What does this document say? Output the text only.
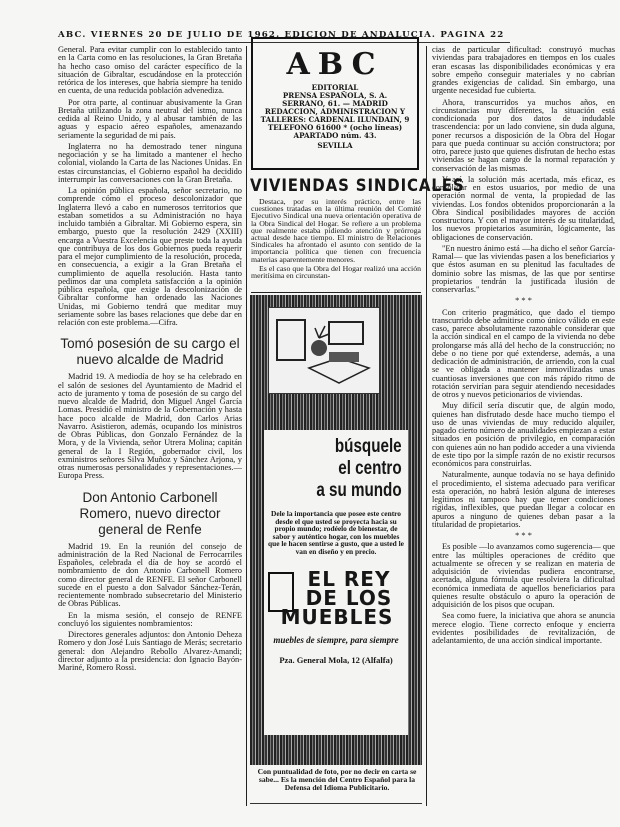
ABC. VIERNES 20 DE JULIO DE 1962. EDICION DE ANDALUCIA. PAGINA 22

General. Para evitar cumplir con lo establecido tanto en la Carta como en las resoluciones, la Gran Bretaña ha hecho caso omiso del carácter específico de la situación de Gibraltar, escudándose en la protección retórica de los intereses, que habría siempre ha tenido en cuenta, de una reducida población advenediza.

Por otra parte, al continuar abusivamente la Gran Bretaña utilizando la zona neutral del istmo, nunca cedida al Reino Unido, y al abusar también de las aguas y espacio aéreo españoles, amenazando seriamente la seguridad de mi país.

Inglaterra no ha demostrado tener ninguna negociación y se ha limitado a mantener el hecho colonial, violando la Carta de las Naciones Unidas. En estas circunstancias, el Gobierno español ha decidido interrumpir las conversaciones con la Gran Bretaña.

La opinión pública española, señor secretario, no comprende cómo el proceso descolonizador que Inglaterra llevó a cabo en numerosos territorios que estaban sometidos a su Administración no haya incluido también a Gibraltar. Mi Gobierno espera, sin embargo, puesto que la resolución 2429 (XXIII) encarga a Vuestra Excelencia que preste toda la ayuda que contribuya de los dos Gobiernos pueda requerir para el mejor cumplimiento de la resolución, proceda, en consecuencia, a exigir a la Gran Bretaña el cumplimiento de aquella resolución. Hasta tanto pedimos dar una completa satisfacción a la opinión pública española, que exige la descolonización de Gibraltar conforme han ordenado las Naciones Unidas, mi Gobierno tendrá que meditar muy seriamente sobre las bases relaciones que debe dar en relación con este problema.—Cifra.

Tomó posesión de su cargo el nuevo alcalde de Madrid

Madrid 19. A mediodía de hoy se ha celebrado en el salón de sesiones del Ayuntamiento de Madrid el acto de juramento y toma de posesión de su cargo del nuevo alcalde de Madrid, don Miguel Angel García Lomas. Presidió el ministro de la Gobernación y hasta hace poco alcalde de Madrid, don Carlos Arias Navarro. Asistieron, además, ocupando los ministros de Obras Públicas, don Gonzalo Fernández de la Mora, y de la Vivienda, señor Utrera Molina; capitán general de la I Región, gobernador civil, los exministros señores Silva Muñoz y Sánchez Arjona, y otras numerosas personalidades y representaciones.—Europa Press.

Don Antonio Carbonell Romero, nuevo director general de Renfe

Madrid 19. En la reunión del consejo de administración de la Red Nacional de Ferrocarriles Españoles, celebrada el día de hoy se acordó el nombramiento de don Antonio Carbonell Romero como director general de RENFE. El señor Carbonell sucede en el puesto a don Salvador Sánchez-Terán, recientemente nombrado subsecretario del Ministerio de Obras Públicas.

En la misma sesión, el consejo de RENFE concluyó los siguientes nombramientos:

Directores generales adjuntos: don Antonio Deheza Romero y don José Luis Santiago de Merás; secretario general: don Alejandro Rebollo Alvarez-Amandi; director adjunto a la presidencia: don Ignacio Bayón-Mariné, Romero Rossi.

ABC
EDITORIAL
PRENSA ESPAÑOLA, S. A.
SERRANO, 61. — MADRID
REDACCION, ADMINISTRACION Y TALLERES: CARDENAL ILUNDAIN, 9
TELEFONO 61600 * (ocho líneas)
APARTADO núm. 43.
SEVILLA
VIVIENDAS SINDICALES

Destaca, por su interés práctico, entre las cuestiones tratadas en la última reunión del Comité Ejecutivo Sindical una nueva orientación operativa de la Obra Sindical del Hogar. Se refiere a un problema que realmente estaba pidiendo atención y prórroga actual desde hace tiempo. El ministro de Relaciones Sindicales ha afrontado el asunto con sentido de la importancia política que tienen con frecuencia materias aparentemente menores.

Es el caso que la Obra del Hogar realizó una acción meritísima en circunstan-

búsquele
el centro
a su mundo
Dele la importancia que posee este centro desde el que usted se proyecta hacia su propio mundo; rodéelo de bienestar, de sabor y auténtico hogar, con los muebles que le hacen sentirse a gusto, que a usted le van en diseño y en precio.
EL REY
DE LOS
MUEBLES
muebles de siempre, para siempre
Pza. General Mola, 12 (Alfalfa)
Con puntualidad de foto, por no decir en carta se sabe... Es la mención del Centro Español para la Defensa del Idioma Publicitario.

cias de particular dificultad: construyó muchas viviendas para trabajadores en tiempos en los cuales eran escasas las disponibilidades económicas y era sobre empeño conseguir materiales y no cabrían grandes exigencias de calidad. Sin embargo, una urgente necesidad fue cubierta.

Ahora, transcurridos ya muchos años, en circunstancias muy diferentes, la situación está condicionada por dos datos de indudable trascendencia: por un lado conviene, sin duda alguna, poner recursos a disposición de la Obra del Hogar para que pueda continuar su acción constructora; por otro, parece justo que quienes disfrutan de hecho estas viviendas se hagan cargo de la normal reparación y conservación de las mismas.

Y así, la solución más acertada, más eficaz, es consolidar en estos usuarios, por medio de una operación normal de venta, la propiedad de las viviendas. Los fondos obtenidos proporcionarán a la Obra Sindical posibilidades mayores de acción constructora. Y con el mayor interés de su titularidad, los nuevos propietarios asumirán, lógicamente, las obligaciones de conservación.

"En nuestro ánimo está —ha dicho el señor García-Ramal— que las viviendas pasen a los beneficiarios y que éstos asuman en su plenitud las facultades de dominio sobre las mismas, de las que por sentirse propietarios tendrán la justificada ilusión de conservarlas."

* * *

Con criterio pragmático, que dado el tiempo transcurrido debe admitirse como único válido en este caso, parece absolutamente razonable considerar que la acción sindical en el campo de la vivienda no debe prolongarse más allá del hecho de la construcción; no debe o no tiene por qué extenderse, además, a una dedicación de administración, de arriendo, con la cual se ve obligada a mantener inmovilizadas unas cuantiosas inversiones que con más rápido ritmo de rotación servirían para seguir atendiendo necesidades de otros y nuevos peticionarios de viviendas.

Muy difícil sería discutir que, de algún modo, quienes han disfrutado desde hace mucho tiempo el uso de unas viviendas de muy reducido alquiler, pagado cierto número de anualidades empiezan a estar situados en posición de privilegio, en comparación con quienes aún no han podido acceder a una vivienda de este tipo por la simple razón de no existir recursos económicos para construirlas.

Naturalmente, aunque todavía no se haya definido el procedimiento, el sistema adecuado para verificar esta operación, no habrá lesión alguna de intereses legítimos ni tampoco hay que temer condiciones rígidas, inflexibles, que puedan llegar a colocar en apuros a ninguno de quienes deban pasar a la titularidad de propietarios.

* * *

Es posible —lo avanzamos como sugerencia— que entre las múltiples operaciones de crédito que actualmente se ofrecen y se realizan en materia de adquisición de viviendas pudiera encontrarse, acertada, alguna fórmula que resolviera la dificultad económica inmediata de aquellos beneficiarios para quienes resulte obstáculo o apuro la operación de adquisición de los pisos que ocupan.

Sea como fuere, la iniciativa que ahora se anuncia merece elogio. Tiene correcto enfoque y encierra evidentes posibilidades de revitalización, de adelantamiento, de una acción sindical importante.
